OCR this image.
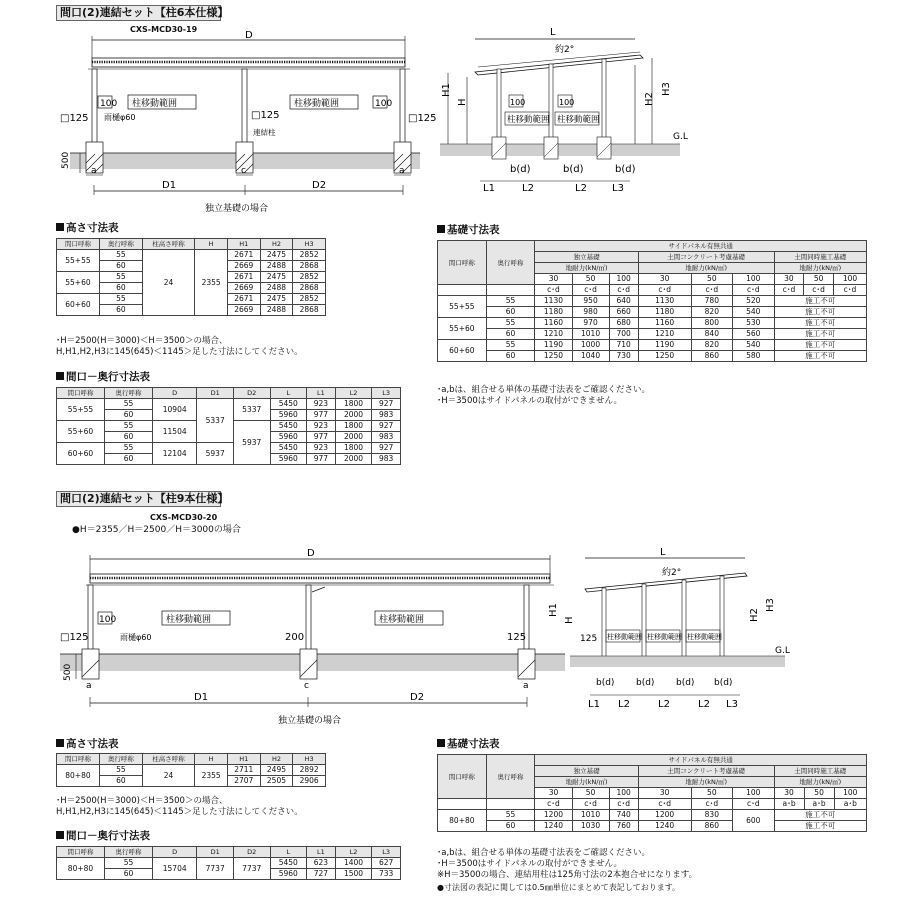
間口(2)連結セット【柱6本仕様】
CXS-MCD30-19
D
100 柱移動範囲	柱移動範囲	100
□125 雨樋φ60	□125
連結柱
□125
500
a	c	a
D1	D2
独立基礎の場合
L
約2°
G.L
100	100
柱移動範囲 柱移動範囲
H1
H	H2
H3
b(d)	b(d)	b(d)
L1	L2	L2	L3
高さ寸法表
間口呼称	奥行呼称	柱高さ呼称	H	H1	H2	H3
55+55	55	24	2355	2671	2475	2852
	60			2669	2488	2868
55+60	55			2671	2475	2852
	60			2669	2488	2868
60+60	55			2671	2475	2852
	60			2669	2488	2868
･H＝2500(H＝3000)＜H＝3500＞の場合、
H,H1,H2,H3に145(645)＜1145＞足した寸法にしてください。
間口－奥行寸法表
間口呼称	奥行呼称	D	D1	D2	L	L1	L2	L3
55+55	55	10904	5337	5337	5450	923	1800	927
	60				5960	977	2000	983
55+60	55	11504		5937	5450	923	1800	927
	60				5960	977	2000	983
60+60	55	12104	5937		5450	923	1800	927
	60				5960	977	2000	983
基礎寸法表
間口呼称	奥行呼称	サイドパネル有無共通								
		独立基礎			土間コンクリート考慮基礎			土間同時施工基礎		
		地耐力(kN/㎡)			地耐力(kN/㎡)			地耐力(kN/㎡)		
		30	50	100	30	50	100	30	50	100
		c･d	c･d	c･d	c･d	c･d	c･d	c･d	c･d	c･d
55+55	55	1130	950	640	1130	780	520	施工不可		
	60	1180	980	660	1180	820	540	施工不可		
55+60	55	1160	970	680	1160	800	530	施工不可		
	60	1210	1010	700	1210	840	560	施工不可		
60+60	55	1190	1000	710	1190	820	540	施工不可		
	60	1250	1040	730	1250	860	580	施工不可		
･a,bは、組合せる単体の基礎寸法表をご確認ください。
･H＝3500はサイドパネルの取付ができません。
間口(2)連結セット【柱9本仕様】
CXS-MCD30-20
●H＝2355／H＝2500／H＝3000の場合
D
100	柱移動範囲	柱移動範囲
□125	雨樋φ60	200	125
500
a	c	a
D1	D2
独立基礎の場合
L
約2°
G.L
125 柱移動範囲 柱移動範囲 柱移動範囲
H1
H	H2
H3
b(d) b(d) b(d) b(d)
L1 L2	L2	L2 L3
高さ寸法表
間口呼称	奥行呼称	柱高さ呼称	H	H1	H2	H3
80+80	55	24	2355	2711	2495	2892
	60			2707	2505	2906
･H＝2500(H＝3000)＜H＝3500＞の場合、
H,H1,H2,H3に145(645)＜1145＞足した寸法にしてください。
間口－奥行寸法表
間口呼称	奥行呼称	D	D1	D2	L	L1	L2	L3
80+80	55	15704	7737	7737	5450	623	1400	627
	60				5960	727	1500	733
基礎寸法表
間口呼称	奥行呼称	サイドパネル有無共通								
		独立基礎			土間コンクリート考慮基礎			土間同時施工基礎		
		地耐力(kN/㎡)			地耐力(kN/㎡)			地耐力(kN/㎡)		
		30	50	100	30	50	100	30	50	100
		c･d	c･d	c･d	c･d	c･d	c･d	a･b	a･b	a･b
80+80	55	1200	1010	740	1200	830	600	施工不可		
	60	1240	1030	760	1240	860		施工不可		
･a,bは、組合せる単体の基礎寸法表をご確認ください。
･H＝3500はサイドパネルの取付ができません。
※H＝3500の場合、連結用柱は125角寸法の2本抱合せになります。
●寸法図の表記に関しては0.5㎜単位にまとめて表記しております。
